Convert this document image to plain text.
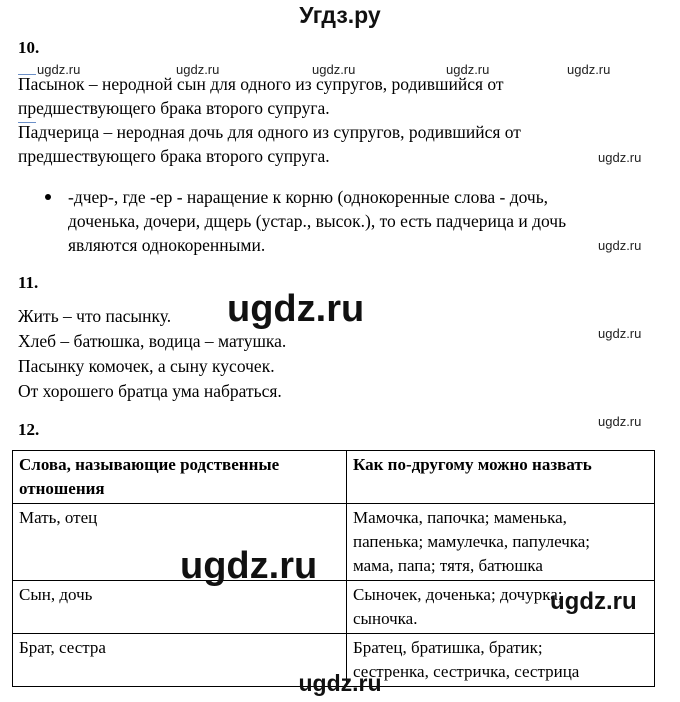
Угдз.ру
10.
ugdz.ru	ugdz.ru	ugdz.ru	ugdz.ru	ugdz.ru
Пасынок – неродной сын для одного из супругов, родившийся от
предшествующего брака второго супруга.
Падчерица – неродная дочь для одного из супругов, родившийся от
предшествующего брака второго супруга.	ugdz.ru
-дчер-, где -ер - наращение к корню (однокоренные слова - дочь,
доченька, дочери, дщерь (устар., высок.), то есть падчерица и дочь
являются однокоренными.	ugdz.ru
11.
Жить – что пасынку.
Хлеб – батюшка, водица – матушка.
Пасынку комочек, а сыну кусочек.
От хорошего братца ума набраться.
ugdz.ru
ugdz.ru
12.	ugdz.ru
Слова, называющие родственные
отношения	Как по-другому можно назвать

Мать, отец	Мамочка, папочка; маменька,
папенька; мамулечка, папулечка;
мама, папа; тятя, батюшка

Сын, дочь	Сыночек, доченька; дочурка;
сыночка.

Брат, сестра	Братец, братишка, братик;
сестренка, сестричка, сестрица
ugdz.ru
ugdz.ru
ugdz.ru
